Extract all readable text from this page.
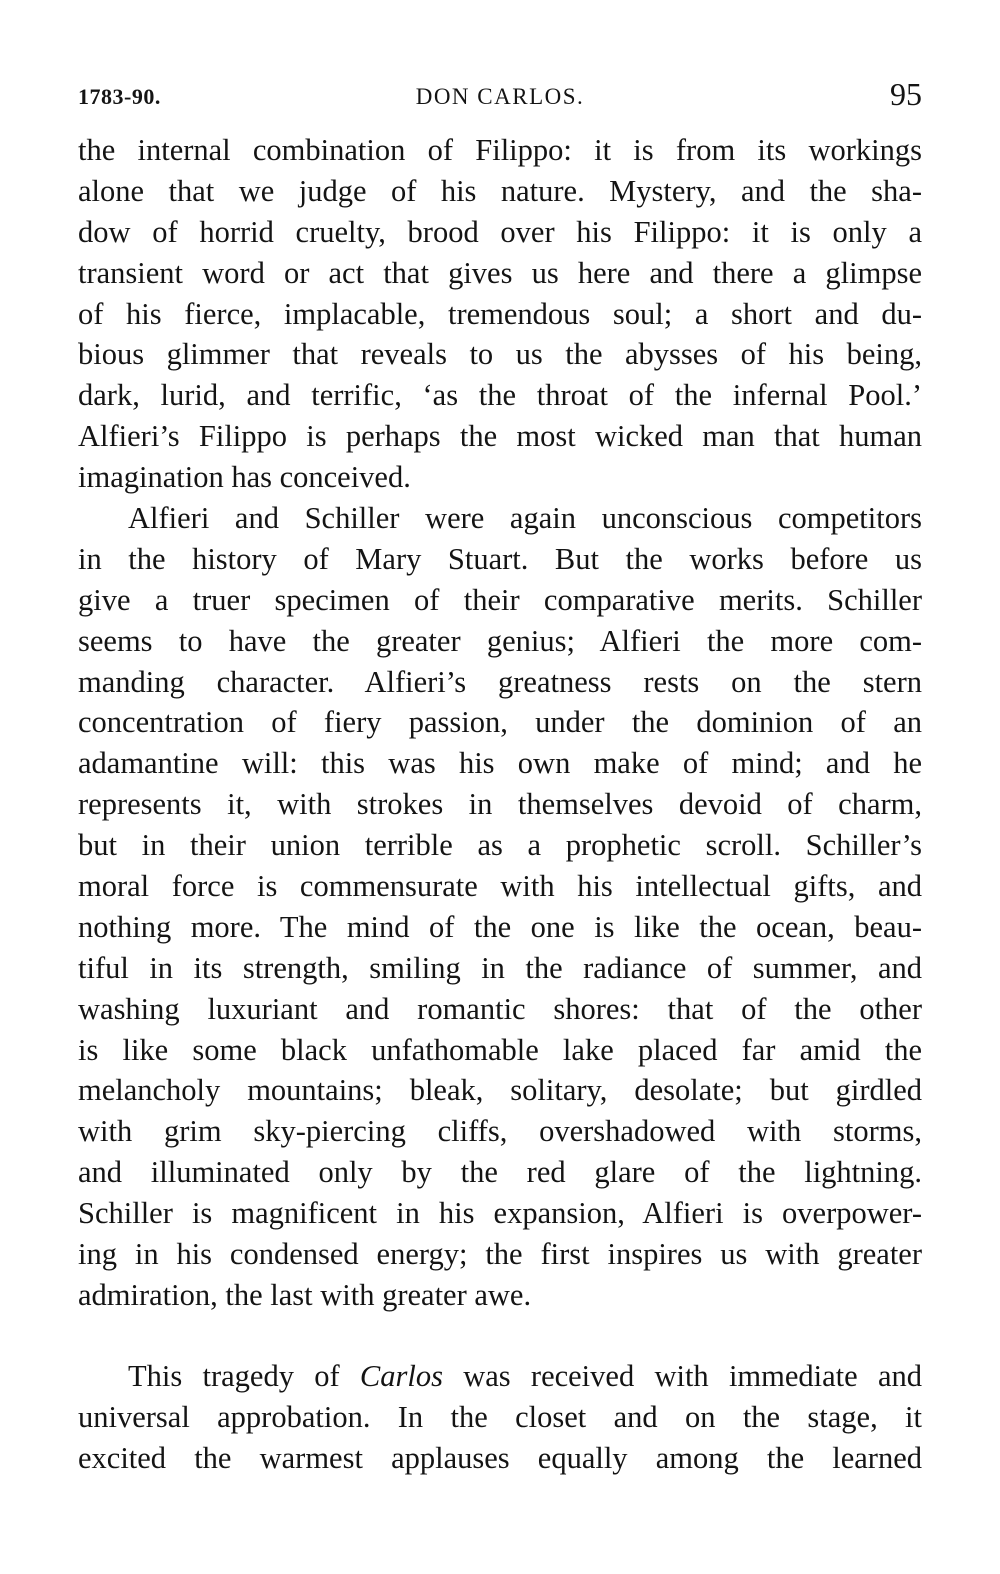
1783-90.	DON CARLOS.	95
the internal combination of Filippo: it is from its workings
alone that we judge of his nature. Mystery, and the sha-
dow of horrid cruelty, brood over his Filippo: it is only a
transient word or act that gives us here and there a glimpse
of his fierce, implacable, tremendous soul; a short and du-
bious glimmer that reveals to us the abysses of his being,
dark, lurid, and terrific, ‘as the throat of the infernal Pool.’
Alfieri’s Filippo is perhaps the most wicked man that human
imagination has conceived.
Alfieri and Schiller were again unconscious competitors
in the history of Mary Stuart. But the works before us
give a truer specimen of their comparative merits. Schiller
seems to have the greater genius; Alfieri the more com-
manding character. Alfieri’s greatness rests on the stern
concentration of fiery passion, under the dominion of an
adamantine will: this was his own make of mind; and he
represents it, with strokes in themselves devoid of charm,
but in their union terrible as a prophetic scroll. Schiller’s
moral force is commensurate with his intellectual gifts, and
nothing more. The mind of the one is like the ocean, beau-
tiful in its strength, smiling in the radiance of summer, and
washing luxuriant and romantic shores: that of the other
is like some black unfathomable lake placed far amid the
melancholy mountains; bleak, solitary, desolate; but girdled
with grim sky-piercing cliffs, overshadowed with storms,
and illuminated only by the red glare of the lightning.
Schiller is magnificent in his expansion, Alfieri is overpower-
ing in his condensed energy; the first inspires us with greater
admiration, the last with greater awe.
This tragedy of Carlos was received with immediate and
universal approbation. In the closet and on the stage, it
excited the warmest applauses equally among the learned
